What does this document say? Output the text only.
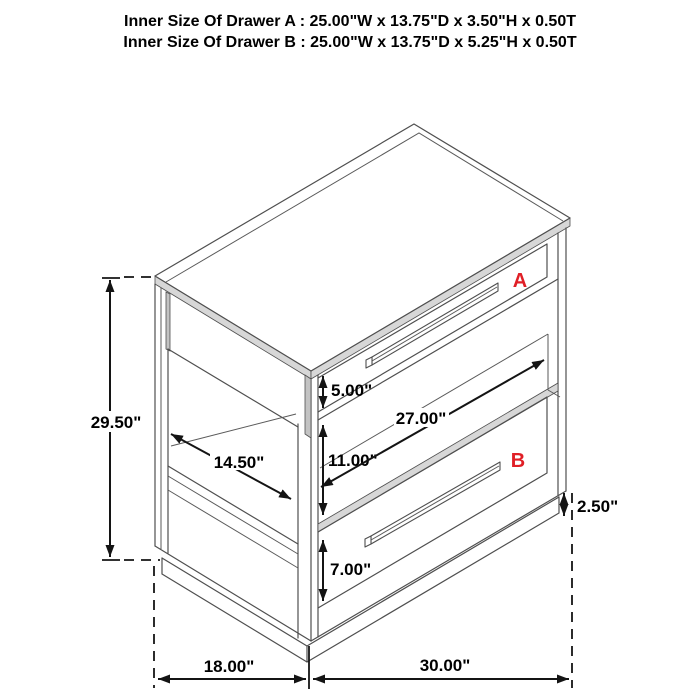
Inner Size Of Drawer A : 25.00"W x 13.75"D x 3.50"H x 0.50T
Inner Size Of Drawer B : 25.00"W x 13.75"D x 5.25"H x 0.50T
A
B
29.50"
14.50"
5.00"
11.00"
27.00"
7.00"
2.50"
18.00"	30.00"
